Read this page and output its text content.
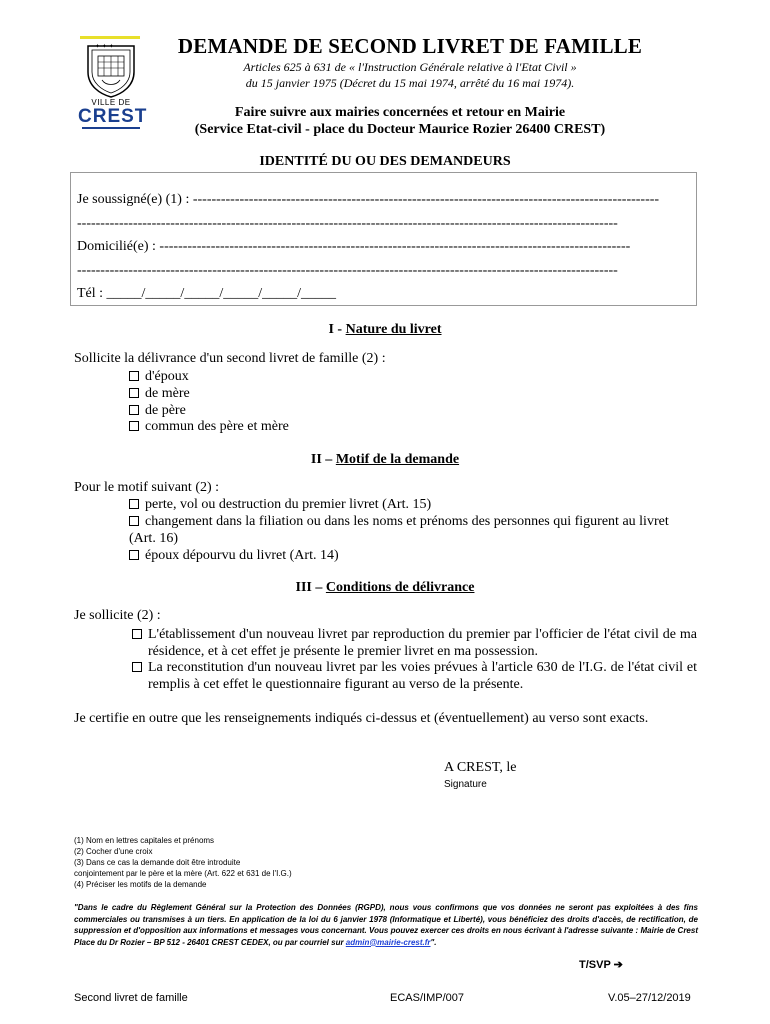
✦ ✦ ✦
VILLE DE
CREST
DEMANDE DE SECOND LIVRET DE FAMILLE
Articles 625 à 631 de « l'Instruction Générale relative à l'Etat Civil »
du 15 janvier 1975 (Décret du 15 mai 1974, arrêté du 16 mai 1974).
Faire suivre aux mairies concernées et retour en Mairie
(Service Etat-civil - place du Docteur Maurice Rozier 26400 CREST)
IDENTITÉ DU OU DES DEMANDEURS
Je soussigné(e) (1) : ----------------------------------------------------------------------------------------------------
--------------------------------------------------------------------------------------------------------------------
Domicilié(e) : -----------------------------------------------------------------------------------------------------
--------------------------------------------------------------------------------------------------------------------
Tél : _____/_____/_____/_____/_____/_____
I - Nature du livret
Sollicite la délivrance d'un second livret de famille (2) :
d'époux
de mère
de père
commun des père et mère
II – Motif de la demande
Pour le motif suivant (2) :
perte, vol ou destruction du premier livret (Art. 15)
changement dans la filiation ou dans les noms et prénoms des personnes qui figurent au livret (Art. 16)
époux dépourvu du livret (Art. 14)
III – Conditions de délivrance
Je sollicite (2) :
L'établissement d'un nouveau livret par reproduction du premier par l'officier de l'état civil de ma résidence, et à cet effet je présente le premier livret en ma possession.
La reconstitution d'un nouveau livret par les voies prévues à l'article 630 de l'I.G. de l'état civil et remplis à cet effet le questionnaire figurant au verso de la présente.
Je certifie en outre que les renseignements indiqués ci-dessus et (éventuellement) au verso sont exacts.
A CREST, le
Signature
(1) Nom en lettres capitales et prénoms
(2) Cocher d'une croix
(3) Dans ce cas la demande doit être introduite
conjointement par le père et la mère (Art. 622 et 631 de l'I.G.)
(4) Préciser les motifs de la demande
"Dans le cadre du Règlement Général sur la Protection des Données (RGPD), nous vous confirmons que vos données ne seront pas exploitées à des fins commerciales ou transmises à un tiers. En application de la loi du 6 janvier 1978 (Informatique et Liberté), vous bénéficiez des droits d'accès, de rectification, de suppression et d'opposition aux informations et messages vous concernant. Vous pouvez exercer ces droits en nous écrivant à l'adresse suivante : Mairie de Crest Place du Dr Rozier – BP 512 - 26401 CREST CEDEX, ou par courriel sur admin@mairie-crest.fr".
T/SVP ➔
Second livret de famille	ECAS/IMP/007	V.05–27/12/2019
